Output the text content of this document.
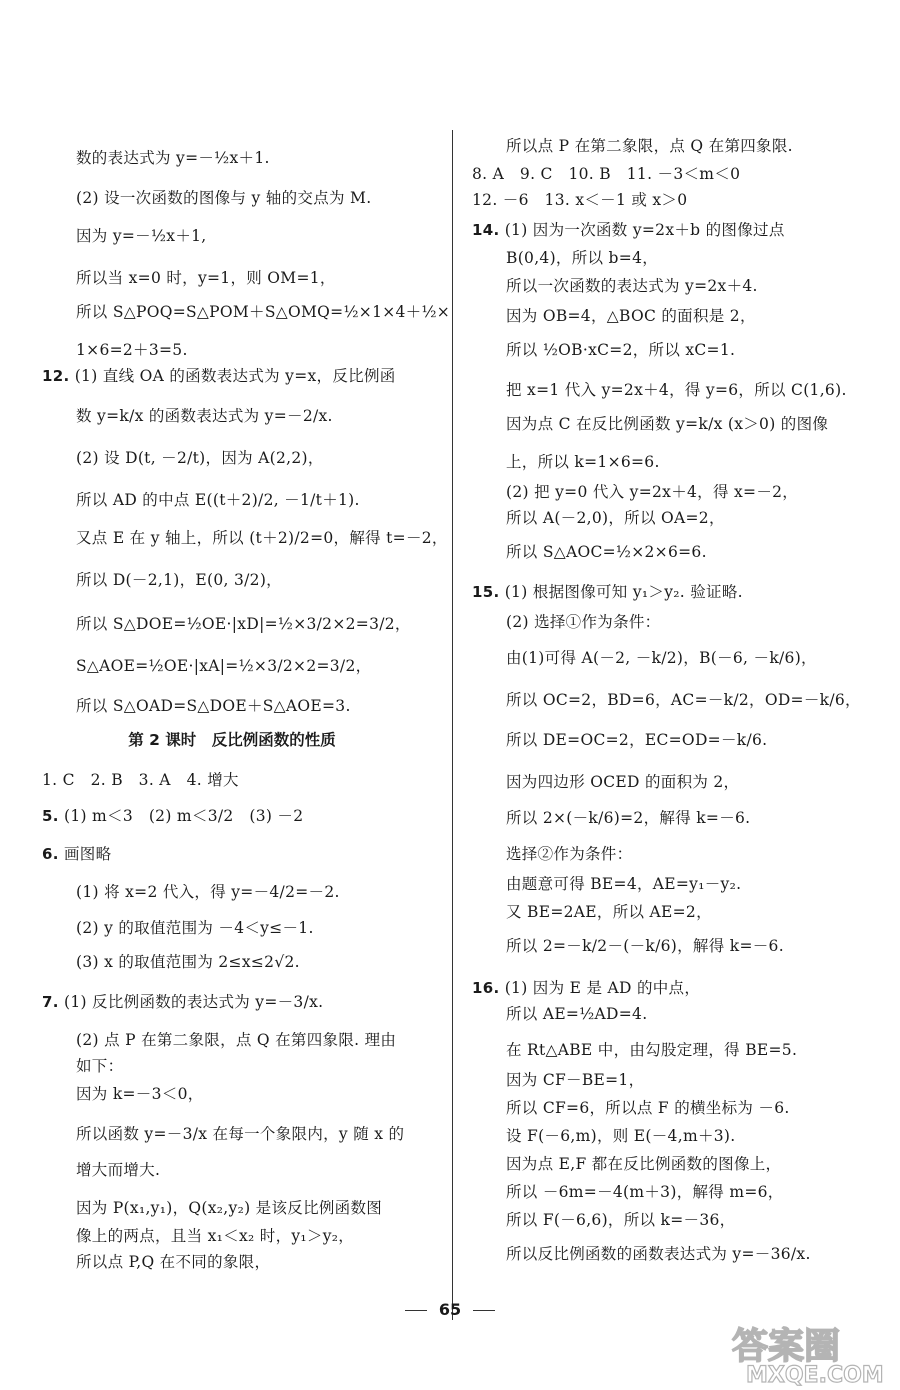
数的表达式为 y=－½x＋1.
(2) 设一次函数的图像与 y 轴的交点为 M.
因为 y=－½x＋1,
所以当 x=0 时，y=1，则 OM=1，
所以 S△POQ=S△POM＋S△OMQ=½×1×4＋½×
1×6=2＋3=5.
12. (1) 直线 OA 的函数表达式为 y=x，反比例函
数 y=k/x 的函数表达式为 y=－2/x.
(2) 设 D(t, －2/t)，因为 A(2,2)，
所以 AD 的中点 E((t＋2)/2, －1/t＋1).
又点 E 在 y 轴上，所以 (t＋2)/2=0，解得 t=－2，
所以 D(－2,1)，E(0, 3/2)，
所以 S△DOE=½OE·|xD|=½×3/2×2=3/2，
S△AOE=½OE·|xA|=½×3/2×2=3/2，
所以 S△OAD=S△DOE＋S△AOE=3.
第 2 课时　反比例函数的性质
1. C　2. B　3. A　4. 增大
5. (1) m＜3　(2) m＜3/2　(3) －2
6. 画图略
(1) 将 x=2 代入，得 y=－4/2=－2.
(2) y 的取值范围为 －4＜y≤－1.
(3) x 的取值范围为 2≤x≤2√2.
7. (1) 反比例函数的表达式为 y=－3/x.
(2) 点 P 在第二象限，点 Q 在第四象限. 理由
如下：
因为 k=－3＜0，
所以函数 y=－3/x 在每一个象限内，y 随 x 的
增大而增大.
因为 P(x₁,y₁)，Q(x₂,y₂) 是该反比例函数图
像上的两点，且当 x₁＜x₂ 时，y₁＞y₂，
所以点 P,Q 在不同的象限，
所以点 P 在第二象限，点 Q 在第四象限.
8. A　9. C　10. B　11. －3＜m＜0
12. －6　13. x＜－1 或 x＞0
14. (1) 因为一次函数 y=2x＋b 的图像过点
B(0,4)，所以 b=4，
所以一次函数的表达式为 y=2x＋4.
因为 OB=4，△BOC 的面积是 2，
所以 ½OB·xC=2，所以 xC=1.
把 x=1 代入 y=2x＋4，得 y=6，所以 C(1,6).
因为点 C 在反比例函数 y=k/x (x＞0) 的图像
上，所以 k=1×6=6.
(2) 把 y=0 代入 y=2x＋4，得 x=－2，
所以 A(－2,0)，所以 OA=2，
所以 S△AOC=½×2×6=6.
15. (1) 根据图像可知 y₁＞y₂. 验证略.
(2) 选择①作为条件：
由(1)可得 A(－2, －k/2)，B(－6, －k/6)，
所以 OC=2，BD=6，AC=－k/2，OD=－k/6，
所以 DE=OC=2，EC=OD=－k/6.
因为四边形 OCED 的面积为 2，
所以 2×(－k/6)=2，解得 k=－6.
选择②作为条件：
由题意可得 BE=4，AE=y₁－y₂.
又 BE=2AE，所以 AE=2，
所以 2=－k/2－(－k/6)，解得 k=－6.
16. (1) 因为 E 是 AD 的中点，
所以 AE=½AD=4.
在 Rt△ABE 中，由勾股定理，得 BE=5.
因为 CF－BE=1，
所以 CF=6，所以点 F 的横坐标为 －6.
设 F(－6,m)，则 E(－4,m＋3).
因为点 E,F 都在反比例函数的图像上，
所以 －6m=－4(m＋3)，解得 m=6，
所以 F(－6,6)，所以 k=－36，
所以反比例函数的函数表达式为 y=－36/x.
65
答案圈
MXQE.COM
